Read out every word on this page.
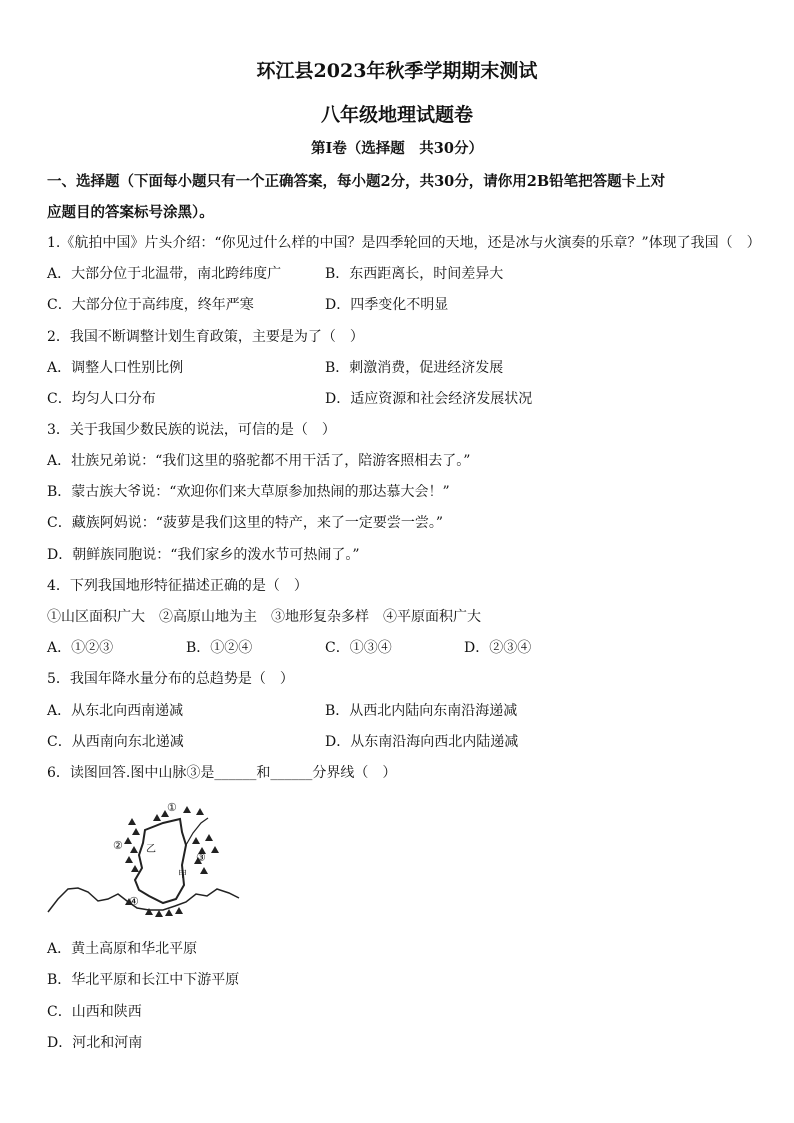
环江县2023年秋季学期期末测试
八年级地理试题卷
第Ⅰ卷（选择题　共30分）
一、选择题（下面每小题只有一个正确答案，每小题2分，共30分，请你用2B铅笔把答题卡上对
应题目的答案标号涂黑）。
1.《航拍中国》片头介绍：“你见过什么样的中国？是四季轮回的天地，还是冰与火演奏的乐章？”体现了我国（　）
A．大部分位于北温带，南北跨纬度广	B．东西距离长，时间差异大
C．大部分位于高纬度，终年严寒	D．四季变化不明显
2．我国不断调整计划生育政策，主要是为了（　）
A．调整人口性别比例	B．刺激消费，促进经济发展
C．均匀人口分布	D．适应资源和社会经济发展状况
3．关于我国少数民族的说法，可信的是（　）
A．壮族兄弟说：“我们这里的骆驼都不用干活了，陪游客照相去了。”
B．蒙古族大爷说：“欢迎你们来大草原参加热闹的那达慕大会！”
C．藏族阿妈说：“菠萝是我们这里的特产，来了一定要尝一尝。”
D．朝鲜族同胞说：“我们家乡的泼水节可热闹了。”
4．下列我国地形特征描述正确的是（　）
①山区面积广大　②高原山地为主　③地形复杂多样　④平原面积广大
A．①②③	B．①②④	C．①③④	D．②③④
5．我国年降水量分布的总趋势是（　）
A．从东北向西南递减	B．从西北内陆向东南沿海递减
C．从西南向东北递减	D．从东南沿海向西北内陆递减
6．读图回答.图中山脉③是______和______分界线（　）
①
②
③
④
乙
甲
A．黄土高原和华北平原
B．华北平原和长江中下游平原
C．山西和陕西
D．河北和河南
